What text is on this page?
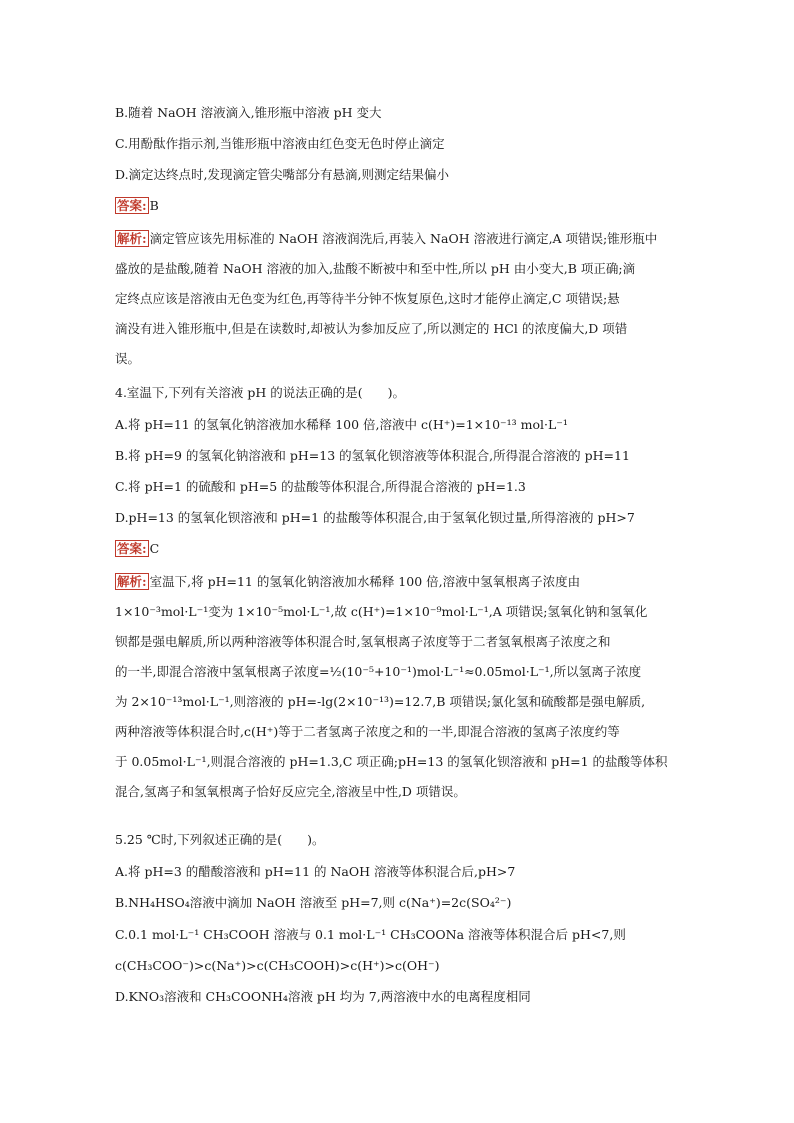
B.随着 NaOH 溶液滴入,锥形瓶中溶液 pH 变大
C.用酚酞作指示剂,当锥形瓶中溶液由红色变无色时停止滴定
D.滴定达终点时,发现滴定管尖嘴部分有悬滴,则测定结果偏小
答案: B
解析: 滴定管应该先用标准的 NaOH 溶液润洗后,再装入 NaOH 溶液进行滴定,A 项错误;锥形瓶中
盛放的是盐酸,随着 NaOH 溶液的加入,盐酸不断被中和至中性,所以 pH 由小变大,B 项正确;滴
定终点应该是溶液由无色变为红色,再等待半分钟不恢复原色,这时才能停止滴定,C 项错误;悬
滴没有进入锥形瓶中,但是在读数时,却被认为参加反应了,所以测定的 HCl 的浓度偏大,D 项错
误。
4.室温下,下列有关溶液 pH 的说法正确的是(　　)。
A.将 pH=11 的氢氧化钠溶液加水稀释 100 倍,溶液中 c(H⁺)=1×10⁻¹³ mol·L⁻¹
B.将 pH=9 的氢氧化钠溶液和 pH=13 的氢氧化钡溶液等体积混合,所得混合溶液的 pH=11
C.将 pH=1 的硫酸和 pH=5 的盐酸等体积混合,所得混合溶液的 pH=1.3
D.pH=13 的氢氧化钡溶液和 pH=1 的盐酸等体积混合,由于氢氧化钡过量,所得溶液的 pH>7
答案: C
解析: 室温下,将 pH=11 的氢氧化钠溶液加水稀释 100 倍,溶液中氢氧根离子浓度由
1×10⁻³mol·L⁻¹变为 1×10⁻⁵mol·L⁻¹,故 c(H⁺)=1×10⁻⁹mol·L⁻¹,A 项错误;氢氧化钠和氢氧化
钡都是强电解质,所以两种溶液等体积混合时,氢氧根离子浓度等于二者氢氧根离子浓度之和
的一半,即混合溶液中氢氧根离子浓度=½(10⁻⁵+10⁻¹)mol·L⁻¹≈0.05mol·L⁻¹,所以氢离子浓度
为 2×10⁻¹³mol·L⁻¹,则溶液的 pH=-lg(2×10⁻¹³)=12.7,B 项错误;氯化氢和硫酸都是强电解质,
两种溶液等体积混合时,c(H⁺)等于二者氢离子浓度之和的一半,即混合溶液的氢离子浓度约等
于 0.05mol·L⁻¹,则混合溶液的 pH=1.3,C 项正确;pH=13 的氢氧化钡溶液和 pH=1 的盐酸等体积
混合,氢离子和氢氧根离子恰好反应完全,溶液呈中性,D 项错误。
5.25 ℃时,下列叙述正确的是(　　)。
A.将 pH=3 的醋酸溶液和 pH=11 的 NaOH 溶液等体积混合后,pH>7
B.NH₄HSO₄溶液中滴加 NaOH 溶液至 pH=7,则 c(Na⁺)=2c(SO₄²⁻)
C.0.1 mol·L⁻¹ CH₃COOH 溶液与 0.1 mol·L⁻¹ CH₃COONa 溶液等体积混合后 pH<7,则
c(CH₃COO⁻)>c(Na⁺)>c(CH₃COOH)>c(H⁺)>c(OH⁻)
D.KNO₃溶液和 CH₃COONH₄溶液 pH 均为 7,两溶液中水的电离程度相同
